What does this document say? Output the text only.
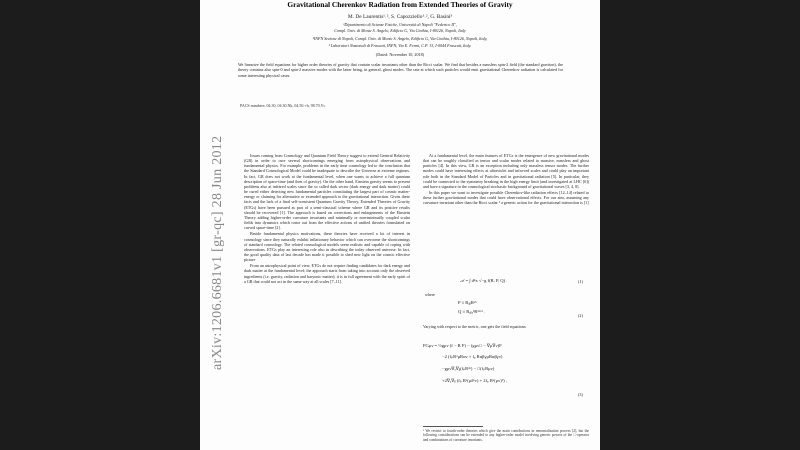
arXiv:1206.6681v1 [gr-qc] 28 Jun 2012
Gravitational Cherenkov Radiation from Extended Theories of Gravity
M. De Laurentis¹˒², S. Capozziello¹˒², G. Basini³
¹Dipartimento di Scienze Fisiche, Università di Napoli "Federico II",
Compl. Univ. di Monte S. Angelo, Edificio G, Via Cinthia, I-80126, Napoli, Italy
²INFN Sezione di Napoli, Compl. Univ. di Monte S. Angelo, Edificio G, Via Cinthia, I-80126, Napoli, Italy,
³ Laboratori Nazionali di Frascati, INFN, Via E. Fermi, C.P. 13, I-0044 Frascati, Italy.
(Dated: November 10, 2018)
We linearize the field equations for higher order theories of gravity that contain scalar invariants other than the Ricci scalar. We find that besides a massless spin-2 field (the standard graviton), the theory contains also spin-0 and spin-2 massive modes with the latter being, in general, ghost modes. The rate at which such particles would emit gravitational Cherenkov radiation is calculated for some interesting physical cases.
PACS numbers: 04.30, 04.30.Nk, 04.50.+h, 98.70.Vc

Issues coming from Cosmology and Quantum Field Theory suggest to extend General Relativity (GR) in order to cure several shortcomings emerging from astrophysical observations and fundamental physics. For example, problems in the early time cosmology led to the conclusion that the Standard Cosmological Model could be inadequate to describe the Universe at extreme regimes. In fact, GR does not work at the fundamental level, when one wants to achieve a full quantum description of space-time (and then of gravity). On the other hand, Einstein gravity seems to present problems also at infrared scales since the so called dark sector (dark energy and dark matter) could be cured either detecting new fundamental particles constituting the largest part of cosmic matter-energy or claiming for alternative or extended approach to the gravitational interaction. Given these facts and the lack of a final self-consistent Quantum Gravity Theory, Extended Theories of Gravity (ETGs) have been pursued as part of a semi-classical scheme where GR and its positive results should be recovered [1]. The approach is based on corrections and enlargements of the Einstein Theory adding higher-order curvature invariants and minimally or non-minimally coupled scalar fields into dynamics which come out from the effective actions of unified theories formulated on curved space-time [2].

Beside fundamental physics motivations, these theories have received a lot of interest in cosmology since they naturally exhibit inflationary behavior which can overcome the shortcomings of standard cosmology. The related cosmological models seem realistic and capable of coping with observations. ETGs play an interesting role also in describing the today observed universe. In fact, the good quality data of last decade has made it possible to shed new light on the cosmic effective picture

From an astrophysical point of view, ETGs do not require finding candidates for dark energy and dark matter at the fundamental level; the approach starts from taking into account only the observed ingredients (i.e. gravity, radiation and baryonic matter); it is in full agreement with the early spirit of a GR that could not act in the same way at all scales [7–11].

At a fundamental level, the main features of ETGs is the emergence of new gravitational modes that can be roughly classified as tensor and scalar modes related to massive, massless and ghost particles [4]. In this view, GR is an exception including only massless tensor modes. The further modes could have interesting effects at ultraviolet and infra-red scales and could play an important role both in the Standard Model of Particles and in gravitational radiation [5]. In particular, they could be connected to the symmetry breaking in the high energy limit (and investigated at LHC [6]) and have a signature in the cosmological stochastic background of gravitational waves [3, 4, 8].

In this paper we want to investigate possible Cherenkov-like radiation effects [12–14] related to these further gravitational modes that could have observational effects. For our aim, assuming any curvature invariant other than the Ricci scalar ¹ a generic action for the gravitational interaction is [1]

𝒜 = ∫ d⁴x √−g f(R, P, Q) .	(1)
where
P ≡ RₐᵦRᵃᵇ
Q ≡ RₐᵦᵧᵟRᵃᵇᶜᵈ .
(2)

Varying with respect to the metric, one gets the field equations:

FGμν = ½gμν (f − R F) − (gμν□ − ∇μ∇ν)F
−2 (fₚRᵅμRαν + fᵩ RαβγμRαβγν)
−gμν∇ₐ∇ᵦ(fₚRᵃᵇ) − □(fₚRμν)
+2∇ₐ∇ᵦ (fₚ Rᵃ(μδᵇν) + 2fᵩ Rᵃ(μν)ᵇ) ,
(3)
¹ We restrict to fourth-order theories which give the main contributions in renormalization process [2], but the following considerations can be extended to any higher-order model involving generic powers of the □-operator and combinations of curvature invariants.
